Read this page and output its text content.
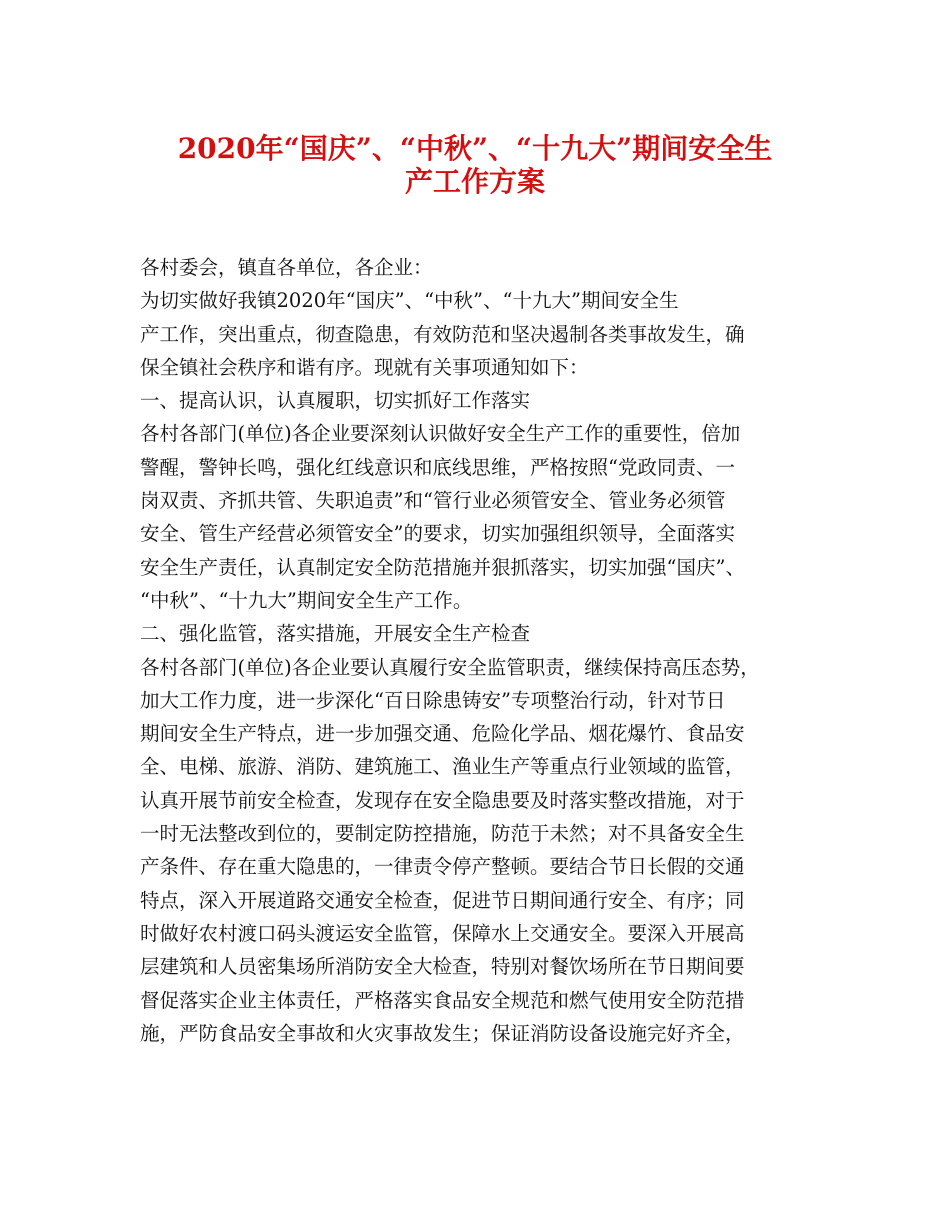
2020年“国庆”、“中秋”、“十九大”期间安全生
产工作方案
各村委会，镇直各单位，各企业：
为切实做好我镇2020年“国庆”、“中秋”、“十九大”期间安全生
产工作，突出重点，彻查隐患，有效防范和坚决遏制各类事故发生，确
保全镇社会秩序和谐有序。现就有关事项通知如下：
一、提高认识，认真履职，切实抓好工作落实
各村各部门(单位)各企业要深刻认识做好安全生产工作的重要性，倍加
警醒，警钟长鸣，强化红线意识和底线思维，严格按照“党政同责、一
岗双责、齐抓共管、失职追责”和“管行业必须管安全、管业务必须管
安全、管生产经营必须管安全”的要求，切实加强组织领导，全面落实
安全生产责任，认真制定安全防范措施并狠抓落实，切实加强“国庆”、
“中秋”、“十九大”期间安全生产工作。
二、强化监管，落实措施，开展安全生产检查
各村各部门(单位)各企业要认真履行安全监管职责，继续保持高压态势，
加大工作力度，进一步深化“百日除患铸安”专项整治行动，针对节日
期间安全生产特点，进一步加强交通、危险化学品、烟花爆竹、食品安
全、电梯、旅游、消防、建筑施工、渔业生产等重点行业领域的监管，
认真开展节前安全检查，发现存在安全隐患要及时落实整改措施，对于
一时无法整改到位的，要制定防控措施，防范于未然；对不具备安全生
产条件、存在重大隐患的，一律责令停产整顿。要结合节日长假的交通
特点，深入开展道路交通安全检查，促进节日期间通行安全、有序；同
时做好农村渡口码头渡运安全监管，保障水上交通安全。要深入开展高
层建筑和人员密集场所消防安全大检查，特别对餐饮场所在节日期间要
督促落实企业主体责任，严格落实食品安全规范和燃气使用安全防范措
施，严防食品安全事故和火灾事故发生；保证消防设备设施完好齐全，
